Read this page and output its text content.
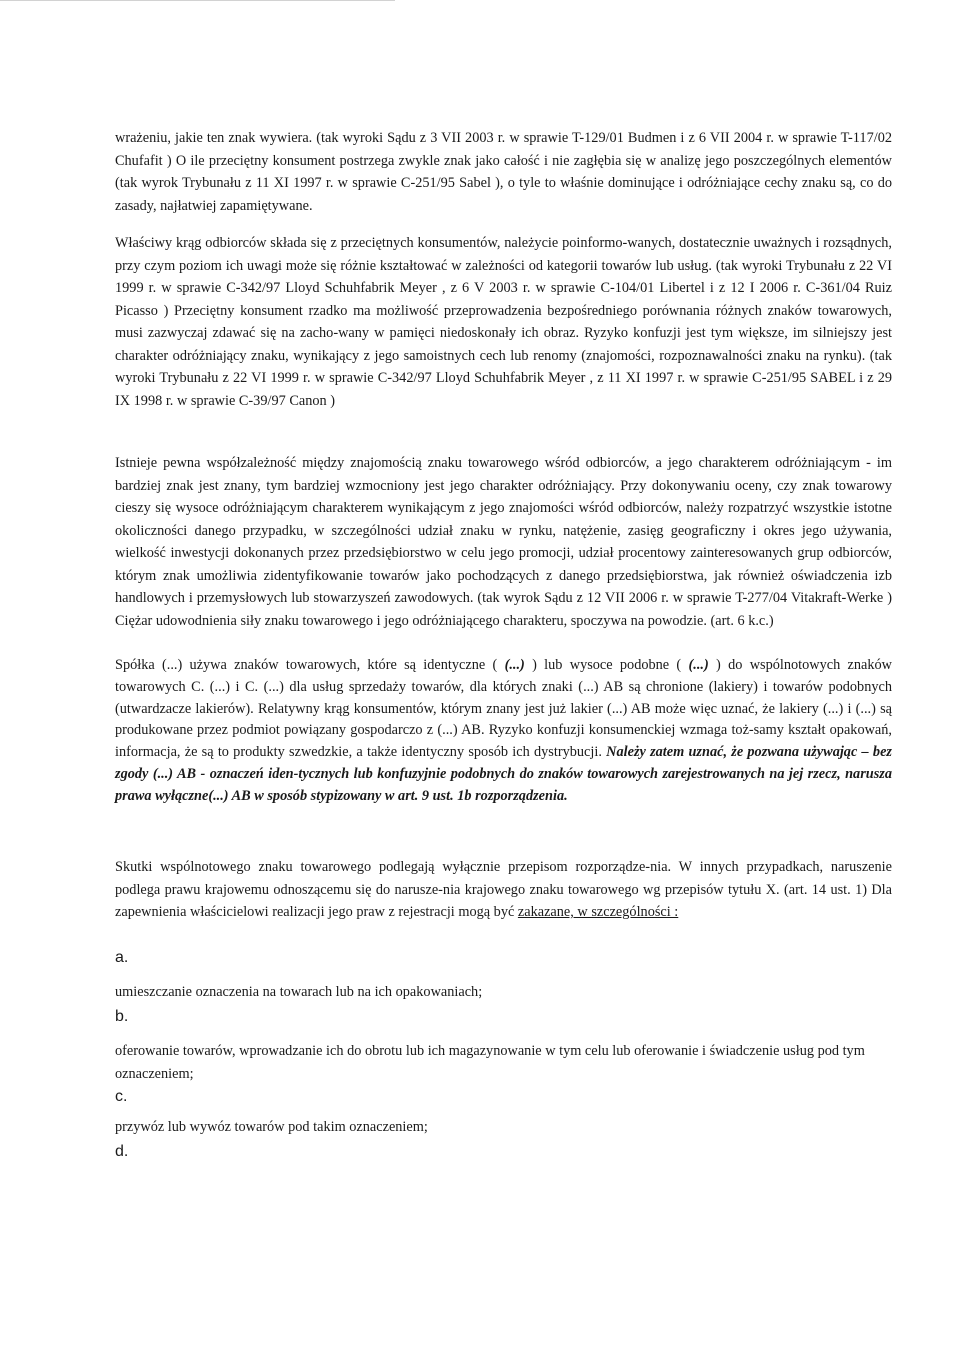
wrażeniu, jakie ten znak wywiera. (tak wyroki Sądu z 3 VII 2003 r. w sprawie T-129/01 Budmen i z 6 VII 2004 r. w sprawie T-117/02 Chufafit ) O ile przeciętny konsument postrzega zwykle znak jako całość i nie zagłębia się w analizę jego poszczególnych elementów (tak wyrok Trybunału z 11 XI 1997 r. w sprawie C-251/95 Sabel ), o tyle to właśnie dominujące i odróżniające cechy znaku są, co do zasady, najłatwiej zapamiętywane.

Właściwy krąg odbiorców składa się z przeciętnych konsumentów, należycie poinformo-wanych, dostatecznie uważnych i rozsądnych, przy czym poziom ich uwagi może się różnie kształtować w zależności od kategorii towarów lub usług. (tak wyroki Trybunału z 22 VI 1999 r. w sprawie C-342/97 Lloyd Schuhfabrik Meyer , z 6 V 2003 r. w sprawie C-104/01 Libertel i z 12 I 2006 r. C-361/04 Ruiz Picasso ) Przeciętny konsument rzadko ma możliwość przeprowadzenia bezpośredniego porównania różnych znaków towarowych, musi zazwyczaj zdawać się na zacho-wany w pamięci niedoskonały ich obraz. Ryzyko konfuzji jest tym większe, im silniejszy jest charakter odróżniający znaku, wynikający z jego samoistnych cech lub renomy (znajomości, rozpoznawalności znaku na rynku). (tak wyroki Trybunału z 22 VI 1999 r. w sprawie C-342/97 Lloyd Schuhfabrik Meyer , z 11 XI 1997 r. w sprawie C-251/95 SABEL i z 29 IX 1998 r. w sprawie C-39/97 Canon )

Istnieje pewna współzależność między znajomością znaku towarowego wśród odbiorców, a jego charakterem odróżniającym - im bardziej znak jest znany, tym bardziej wzmocniony jest jego charakter odróżniający. Przy dokonywaniu oceny, czy znak towarowy cieszy się wysoce odróżniającym charakterem wynikającym z jego znajomości wśród odbiorców, należy rozpatrzyć wszystkie istotne okoliczności danego przypadku, w szczególności udział znaku w rynku, natężenie, zasięg geograficzny i okres jego używania, wielkość inwestycji dokonanych przez przedsiębiorstwo w celu jego promocji, udział procentowy zainteresowanych grup odbiorców, którym znak umożliwia zidentyfikowanie towarów jako pochodzących z danego przedsiębiorstwa, jak również oświadczenia izb handlowych i przemysłowych lub stowarzyszeń zawodowych. (tak wyrok Sądu z 12 VII 2006 r. w sprawie T-277/04 Vitakraft-Werke ) Ciężar udowodnienia siły znaku towarowego i jego odróżniającego charakteru, spoczywa na powodzie. (art. 6 k.c.)

Spółka (...) używa znaków towarowych, które są identyczne ( (...) ) lub wysoce podobne ( (...) ) do wspólnotowych znaków towarowych C. (...) i C. (...) dla usług sprzedaży towarów, dla których znaki (...) AB są chronione (lakiery) i towarów podobnych (utwardzacze lakierów). Relatywny krąg konsumentów, którym znany jest już lakier (...) AB może więc uznać, że lakiery (...) i (...) są produkowane przez podmiot powiązany gospodarczo z (...) AB. Ryzyko konfuzji konsumenckiej wzmaga toż-samy kształt opakowań, informacja, że są to produkty szwedzkie, a także identyczny sposób ich dystrybucji. Należy zatem uznać, że pozwana używając – bez zgody (...) AB - oznaczeń iden-tycznych lub konfuzyjnie podobnych do znaków towarowych zarejestrowanych na jej rzecz, narusza prawa wyłączne(...) AB w sposób stypizowany w art. 9 ust. 1b rozporządzenia.

Skutki wspólnotowego znaku towarowego podlegają wyłącznie przepisom rozporządze-nia. W innych przypadkach, naruszenie podlega prawu krajowemu odnoszącemu się do narusze-nia krajowego znaku towarowego wg przepisów tytułu X. (art. 14 ust. 1) Dla zapewnienia właścicielowi realizacji jego praw z rejestracji mogą być zakazane, w szczególności :

a.

umieszczanie oznaczenia na towarach lub na ich opakowaniach;

b.

oferowanie towarów, wprowadzanie ich do obrotu lub ich magazynowanie w tym celu lub oferowanie i świadczenie usług pod tym oznaczeniem;

c.

przywóz lub wywóz towarów pod takim oznaczeniem;

d.
